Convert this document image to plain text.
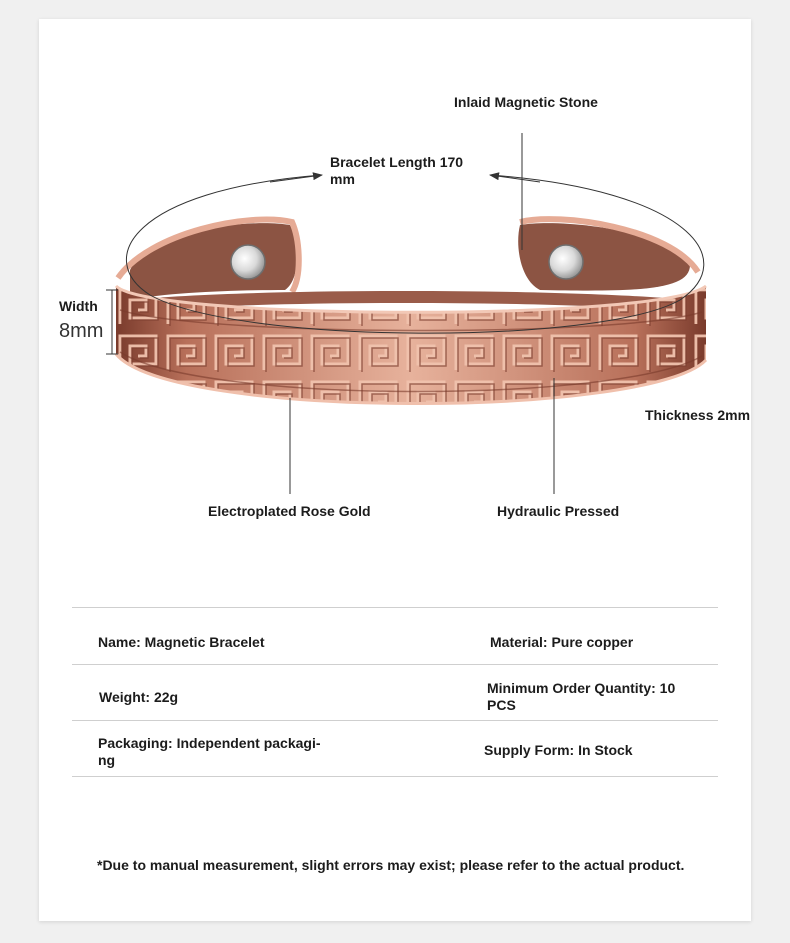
Inlaid Magnetic Stone
Bracelet Length 170
mm
Width
8mm
Thickness 2mm
Electroplated Rose Gold	Hydraulic Pressed
Name: Magnetic Bracelet	Material: Pure copper
Weight: 22g
Minimum Order Quantity: 10
PCS
Packaging: Independent packagi-
ng
Supply Form: In Stock
*Due to manual measurement, slight errors may exist; please refer to the actual product.
